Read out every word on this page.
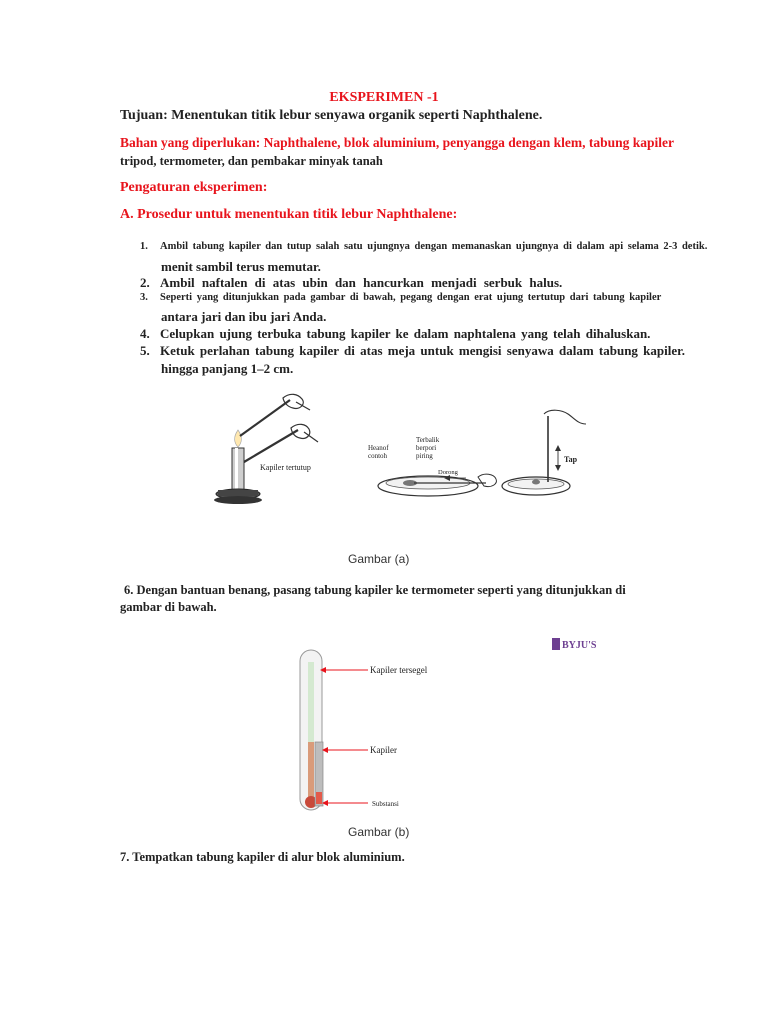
EKSPERIMEN -1
Tujuan: Menentukan titik lebur senyawa organik seperti Naphthalene.
Bahan yang diperlukan: Naphthalene, blok aluminium, penyangga dengan klem, tabung kapiler
tripod, termometer, dan pembakar minyak tanah
Pengaturan eksperimen:
A. Prosedur untuk menentukan titik lebur Naphthalene:
1. Ambil tabung kapiler dan tutup salah satu ujungnya dengan memanaskan ujungnya di dalam api selama 2-3 detik.
menit sambil terus memutar.
2. Ambil naftalen di atas ubin dan hancurkan menjadi serbuk halus.
3. Seperti yang ditunjukkan pada gambar di bawah, pegang dengan erat ujung tertutup dari tabung kapiler
antara jari dan ibu jari Anda.
4. Celupkan ujung terbuka tabung kapiler ke dalam naphtalena yang telah dihaluskan.
5. Ketuk perlahan tabung kapiler di atas meja untuk mengisi senyawa dalam tabung kapiler.
hingga panjang 1–2 cm.
Kapiler tertutup
Heanof
contoh
Terbalik
berpori
piring
Dorong
Tap
Gambar (a)
6. Dengan bantuan benang, pasang tabung kapiler ke termometer seperti yang ditunjukkan di
gambar di bawah.
Kapiler tersegel
Kapiler
Substansi
BYJU'S
Gambar (b)
7. Tempatkan tabung kapiler di alur blok aluminium.
